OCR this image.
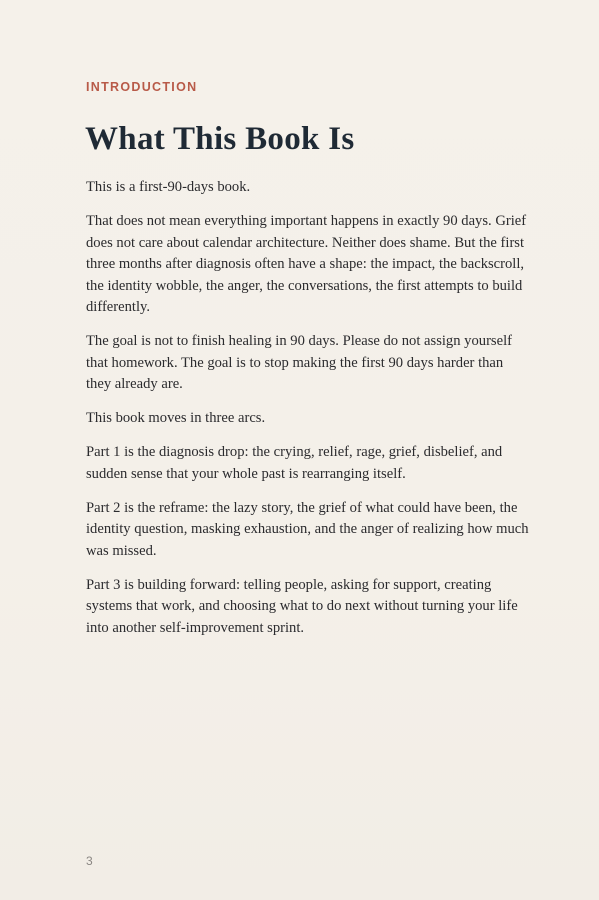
INTRODUCTION

What This Book Is

This is a first-90-days book.

That does not mean everything important happens in exactly 90 days. Grief does not care about calendar architecture. Neither does shame. But the first three months after diagnosis often have a shape: the impact, the backscroll, the identity wobble, the anger, the conversations, the first attempts to build differently.

The goal is not to finish healing in 90 days. Please do not assign yourself that homework. The goal is to stop making the first 90 days harder than they already are.

This book moves in three arcs.

Part 1 is the diagnosis drop: the crying, relief, rage, grief, disbelief, and sudden sense that your whole past is rearranging itself.

Part 2 is the reframe: the lazy story, the grief of what could have been, the identity question, masking exhaustion, and the anger of realizing how much was missed.

Part 3 is building forward: telling people, asking for support, creating systems that work, and choosing what to do next without turning your life into another self-improvement sprint.

3
